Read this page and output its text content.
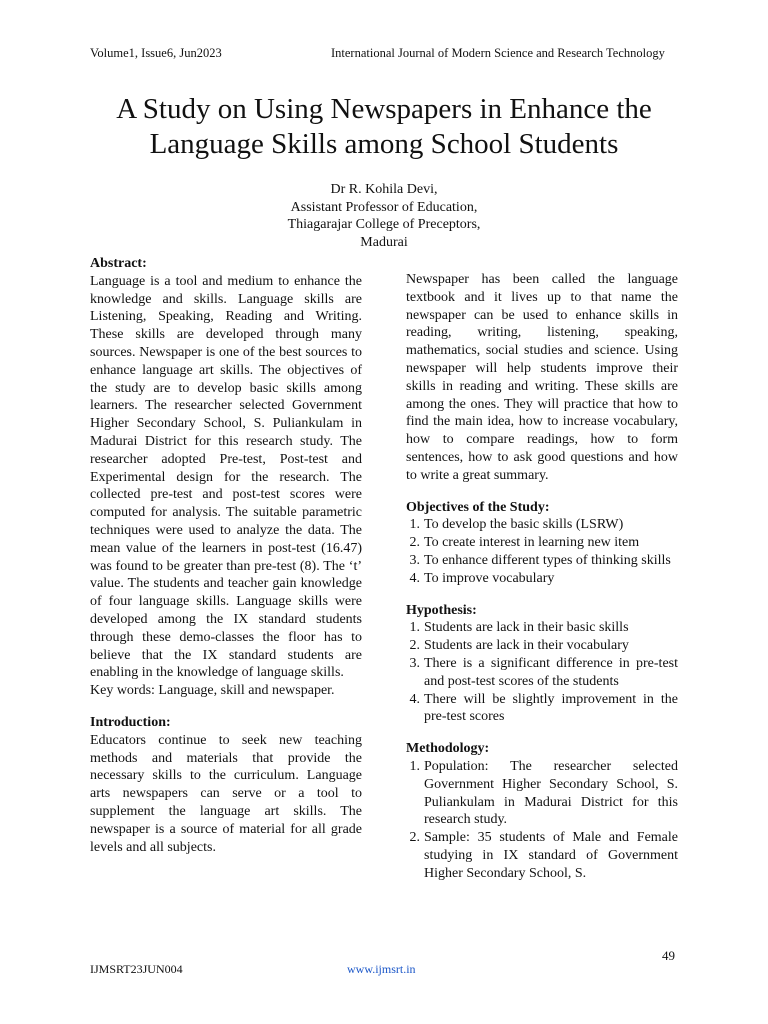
Volume1, Issue6, Jun2023	International Journal of Modern Science and Research Technology
A Study on Using Newspapers in Enhance the
Language Skills among School Students
Dr R. Kohila Devi,
Assistant Professor of Education,
Thiagarajar College of Preceptors,
Madurai
Abstract:

Language is a tool and medium to enhance the knowledge and skills. Language skills are Listening, Speaking, Reading and Writing. These skills are developed through many sources. Newspaper is one of the best sources to enhance language art skills. The objectives of the study are to develop basic skills among learners. The researcher selected Government Higher Secondary School, S. Puliankulam in Madurai District for this research study. The researcher adopted Pre-test, Post-test and Experimental design for the research. The collected pre-test and post-test scores were computed for analysis. The suitable parametric techniques were used to analyze the data. The mean value of the learners in post-test (16.47) was found to be greater than pre-test (8). The ‘t’ value. The students and teacher gain knowledge of four language skills. Language skills were developed among the IX standard students through these demo-classes the floor has to believe that the IX standard students are enabling in the knowledge of language skills.

Key words: Language, skill and newspaper.

Introduction:

Educators continue to seek new teaching methods and materials that provide the necessary skills to the curriculum. Language arts newspapers can serve or a tool to supplement the language art skills. The newspaper is a source of material for all grade levels and all subjects.

Newspaper has been called the language textbook and it lives up to that name the newspaper can be used to enhance skills in reading, writing, listening, speaking, mathematics, social studies and science. Using newspaper will help students improve their skills in reading and writing. These skills are among the ones. They will practice that how to find the main idea, how to increase vocabulary, how to compare readings, how to form sentences, how to ask good questions and how to write a great summary.

Objectives of the Study:
1. To develop the basic skills (LSRW)
2. To create interest in learning new item
3. To enhance different types of thinking skills
4. To improve vocabulary
Hypothesis:
1. Students are lack in their basic skills
2. Students are lack in their vocabulary
3. There is a significant difference in pre-test and post-test scores of the students
4. There will be slightly improvement in the pre-test scores
Methodology:
1. Population: The researcher selected Government Higher Secondary School, S. Puliankulam in Madurai District for this research study.
2. Sample: 35 students of Male and Female studying in IX standard of Government Higher Secondary School, S.
49
IJMSRT23JUN004	www.ijmsrt.in
